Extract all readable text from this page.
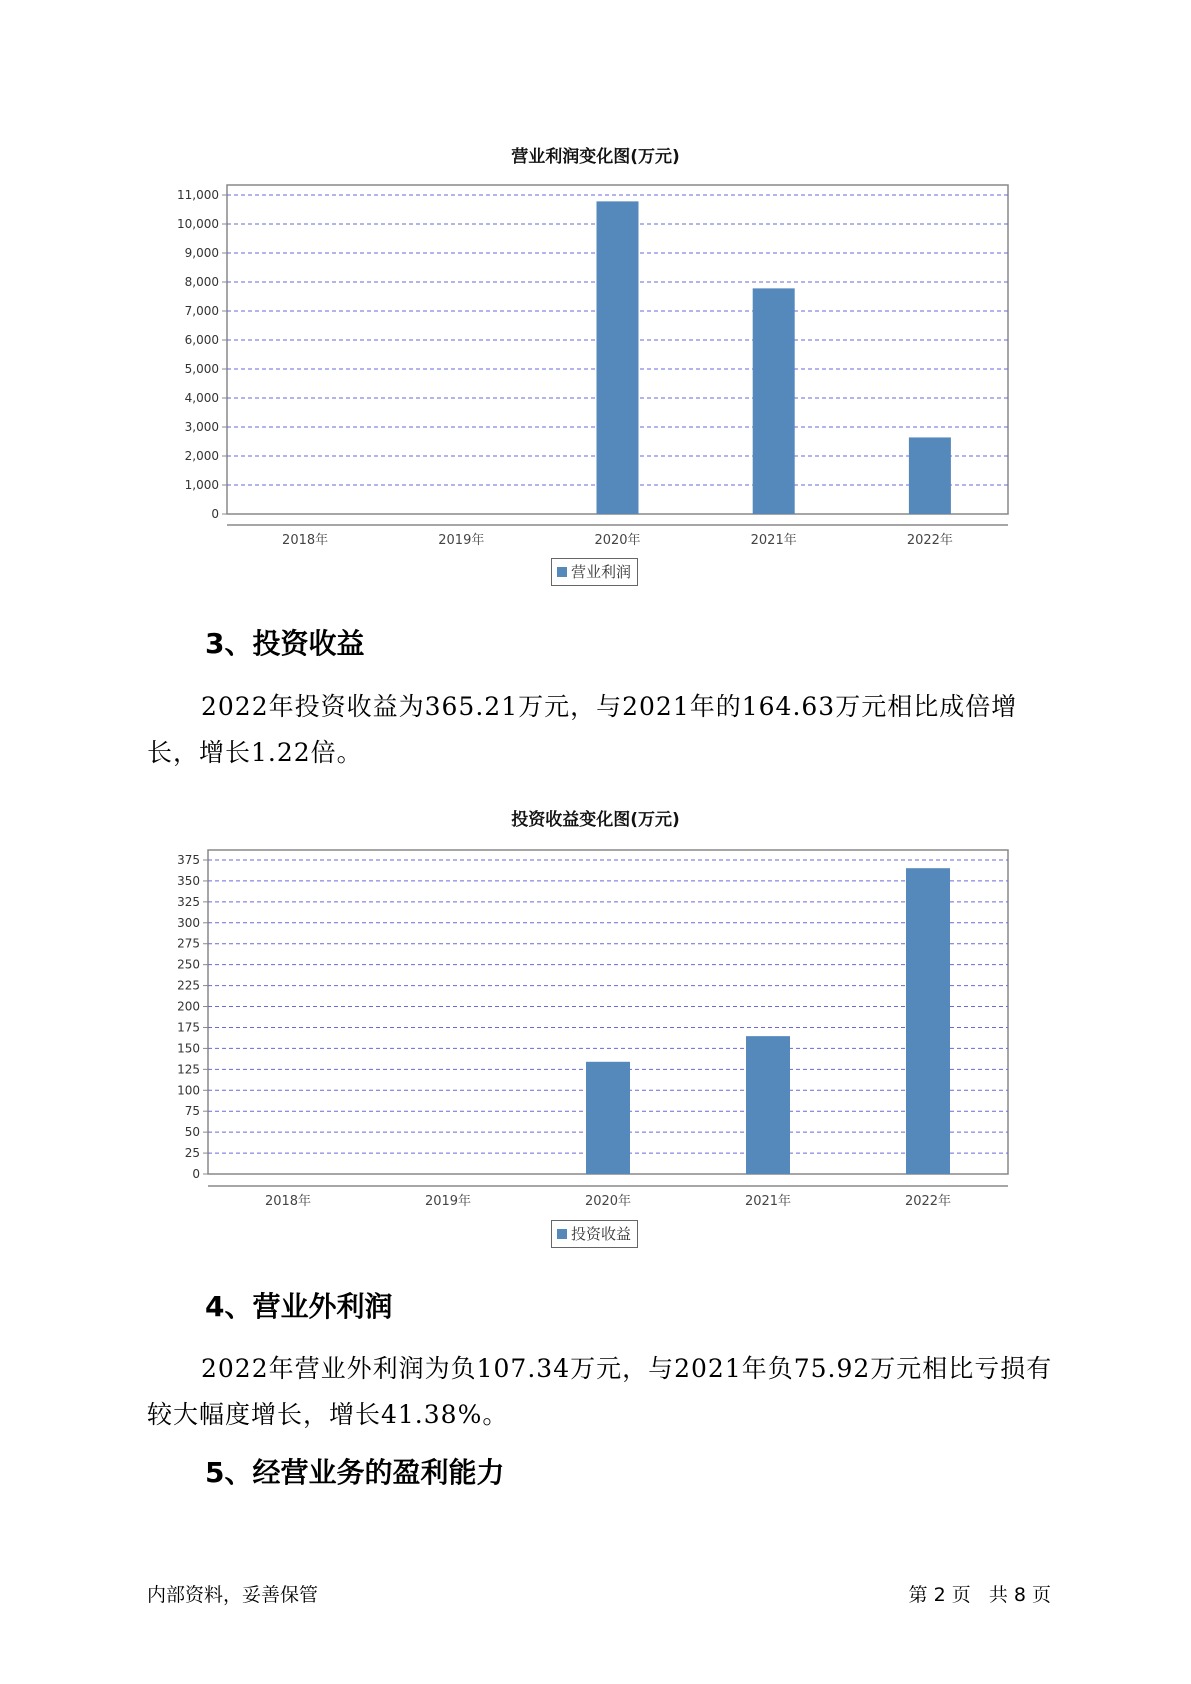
营业利润变化图(万元)
0
1,000
2,000
3,000
4,000
5,000
6,000
7,000
8,000
9,000
10,000
11,000
2018年	2019年	2020年	2021年	2022年
营业利润
3、投资收益
2022年投资收益为365.21万元，与2021年的164.63万元相比成倍增长，增长1.22倍。
投资收益变化图(万元)
0
25
50
75
100
125
150
175
200
225
250
275
300
325
350
375
2018年	2019年	2020年	2021年	2022年
投资收益
4、营业外利润
2022年营业外利润为负107.34万元，与2021年负75.92万元相比亏损有较大幅度增长，增长41.38%。
5、经营业务的盈利能力
内部资料，妥善保管	第 2 页   共 8 页
